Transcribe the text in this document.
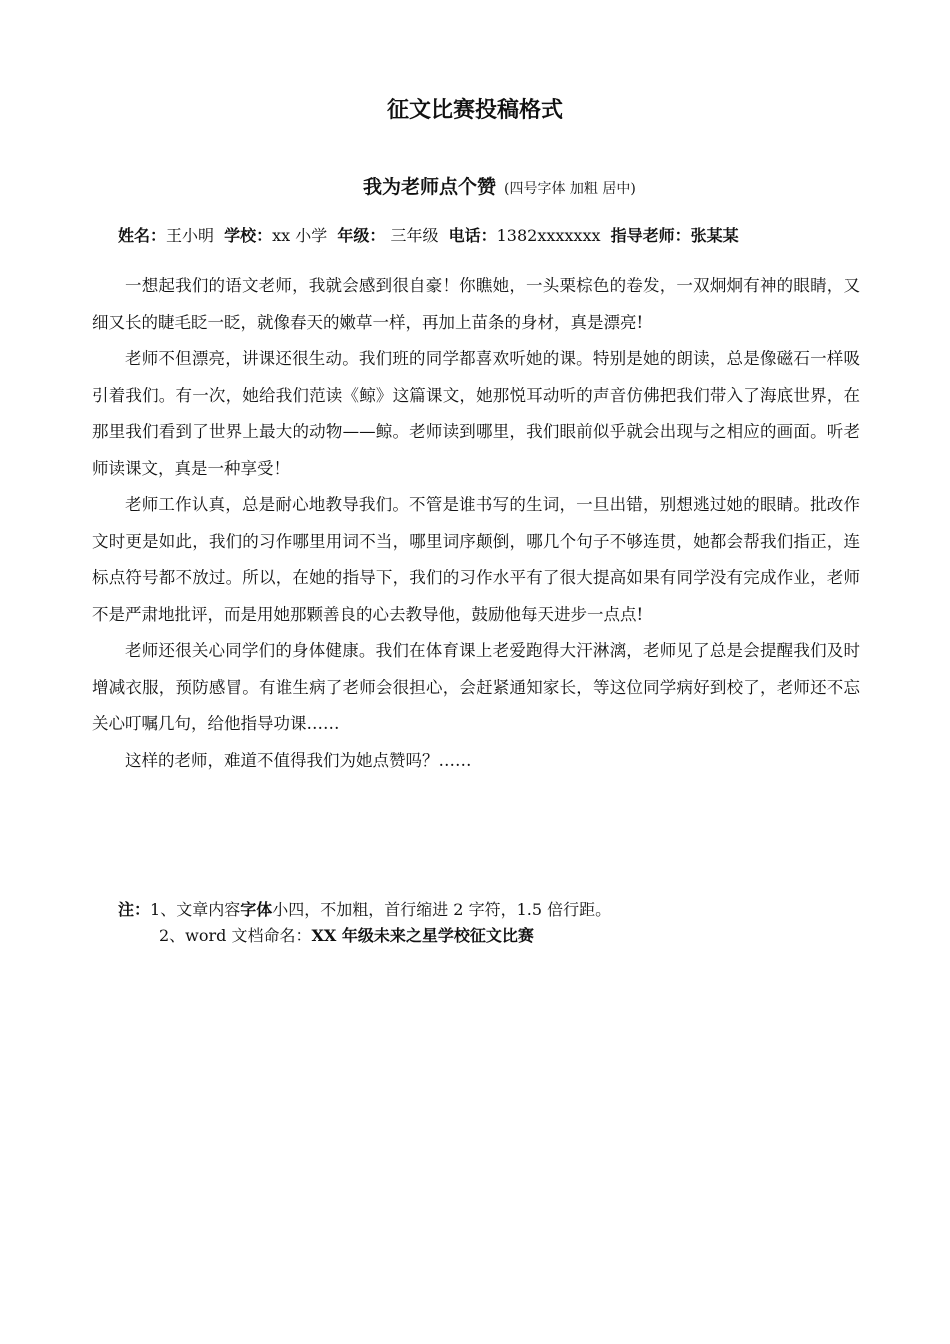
征文比赛投稿格式
我为老师点个赞 (四号字体 加粗 居中)
姓名：王小明 学校：xx 小学 年级： 三年级 电话：1382xxxxxxx 指导老师：张某某

一想起我们的语文老师，我就会感到很自豪！你瞧她，一头栗棕色的卷发，一双炯炯有神的眼睛，又细又长的睫毛眨一眨，就像春天的嫩草一样，再加上苗条的身材，真是漂亮!

老师不但漂亮，讲课还很生动。我们班的同学都喜欢听她的课。特别是她的朗读，总是像磁石一样吸引着我们。有一次，她给我们范读《鲸》这篇课文，她那悦耳动听的声音仿佛把我们带入了海底世界，在那里我们看到了世界上最大的动物——鲸。老师读到哪里，我们眼前似乎就会出现与之相应的画面。听老师读课文，真是一种享受！

老师工作认真，总是耐心地教导我们。不管是谁书写的生词，一旦出错，别想逃过她的眼睛。批改作文时更是如此，我们的习作哪里用词不当，哪里词序颠倒，哪几个句子不够连贯，她都会帮我们指正，连标点符号都不放过。所以，在她的指导下，我们的习作水平有了很大提高如果有同学没有完成作业，老师不是严肃地批评，而是用她那颗善良的心去教导他，鼓励他每天进步一点点!

老师还很关心同学们的身体健康。我们在体育课上老爱跑得大汗淋漓，老师见了总是会提醒我们及时增减衣服，预防感冒。有谁生病了老师会很担心，会赶紧通知家长，等这位同学病好到校了，老师还不忘关心叮嘱几句，给他指导功课……

这样的老师，难道不值得我们为她点赞吗？……

注：1、文章内容字体小四，不加粗，首行缩进 2 字符，1.5 倍行距。
2、word 文档命名：XX 年级未来之星学校征文比赛
